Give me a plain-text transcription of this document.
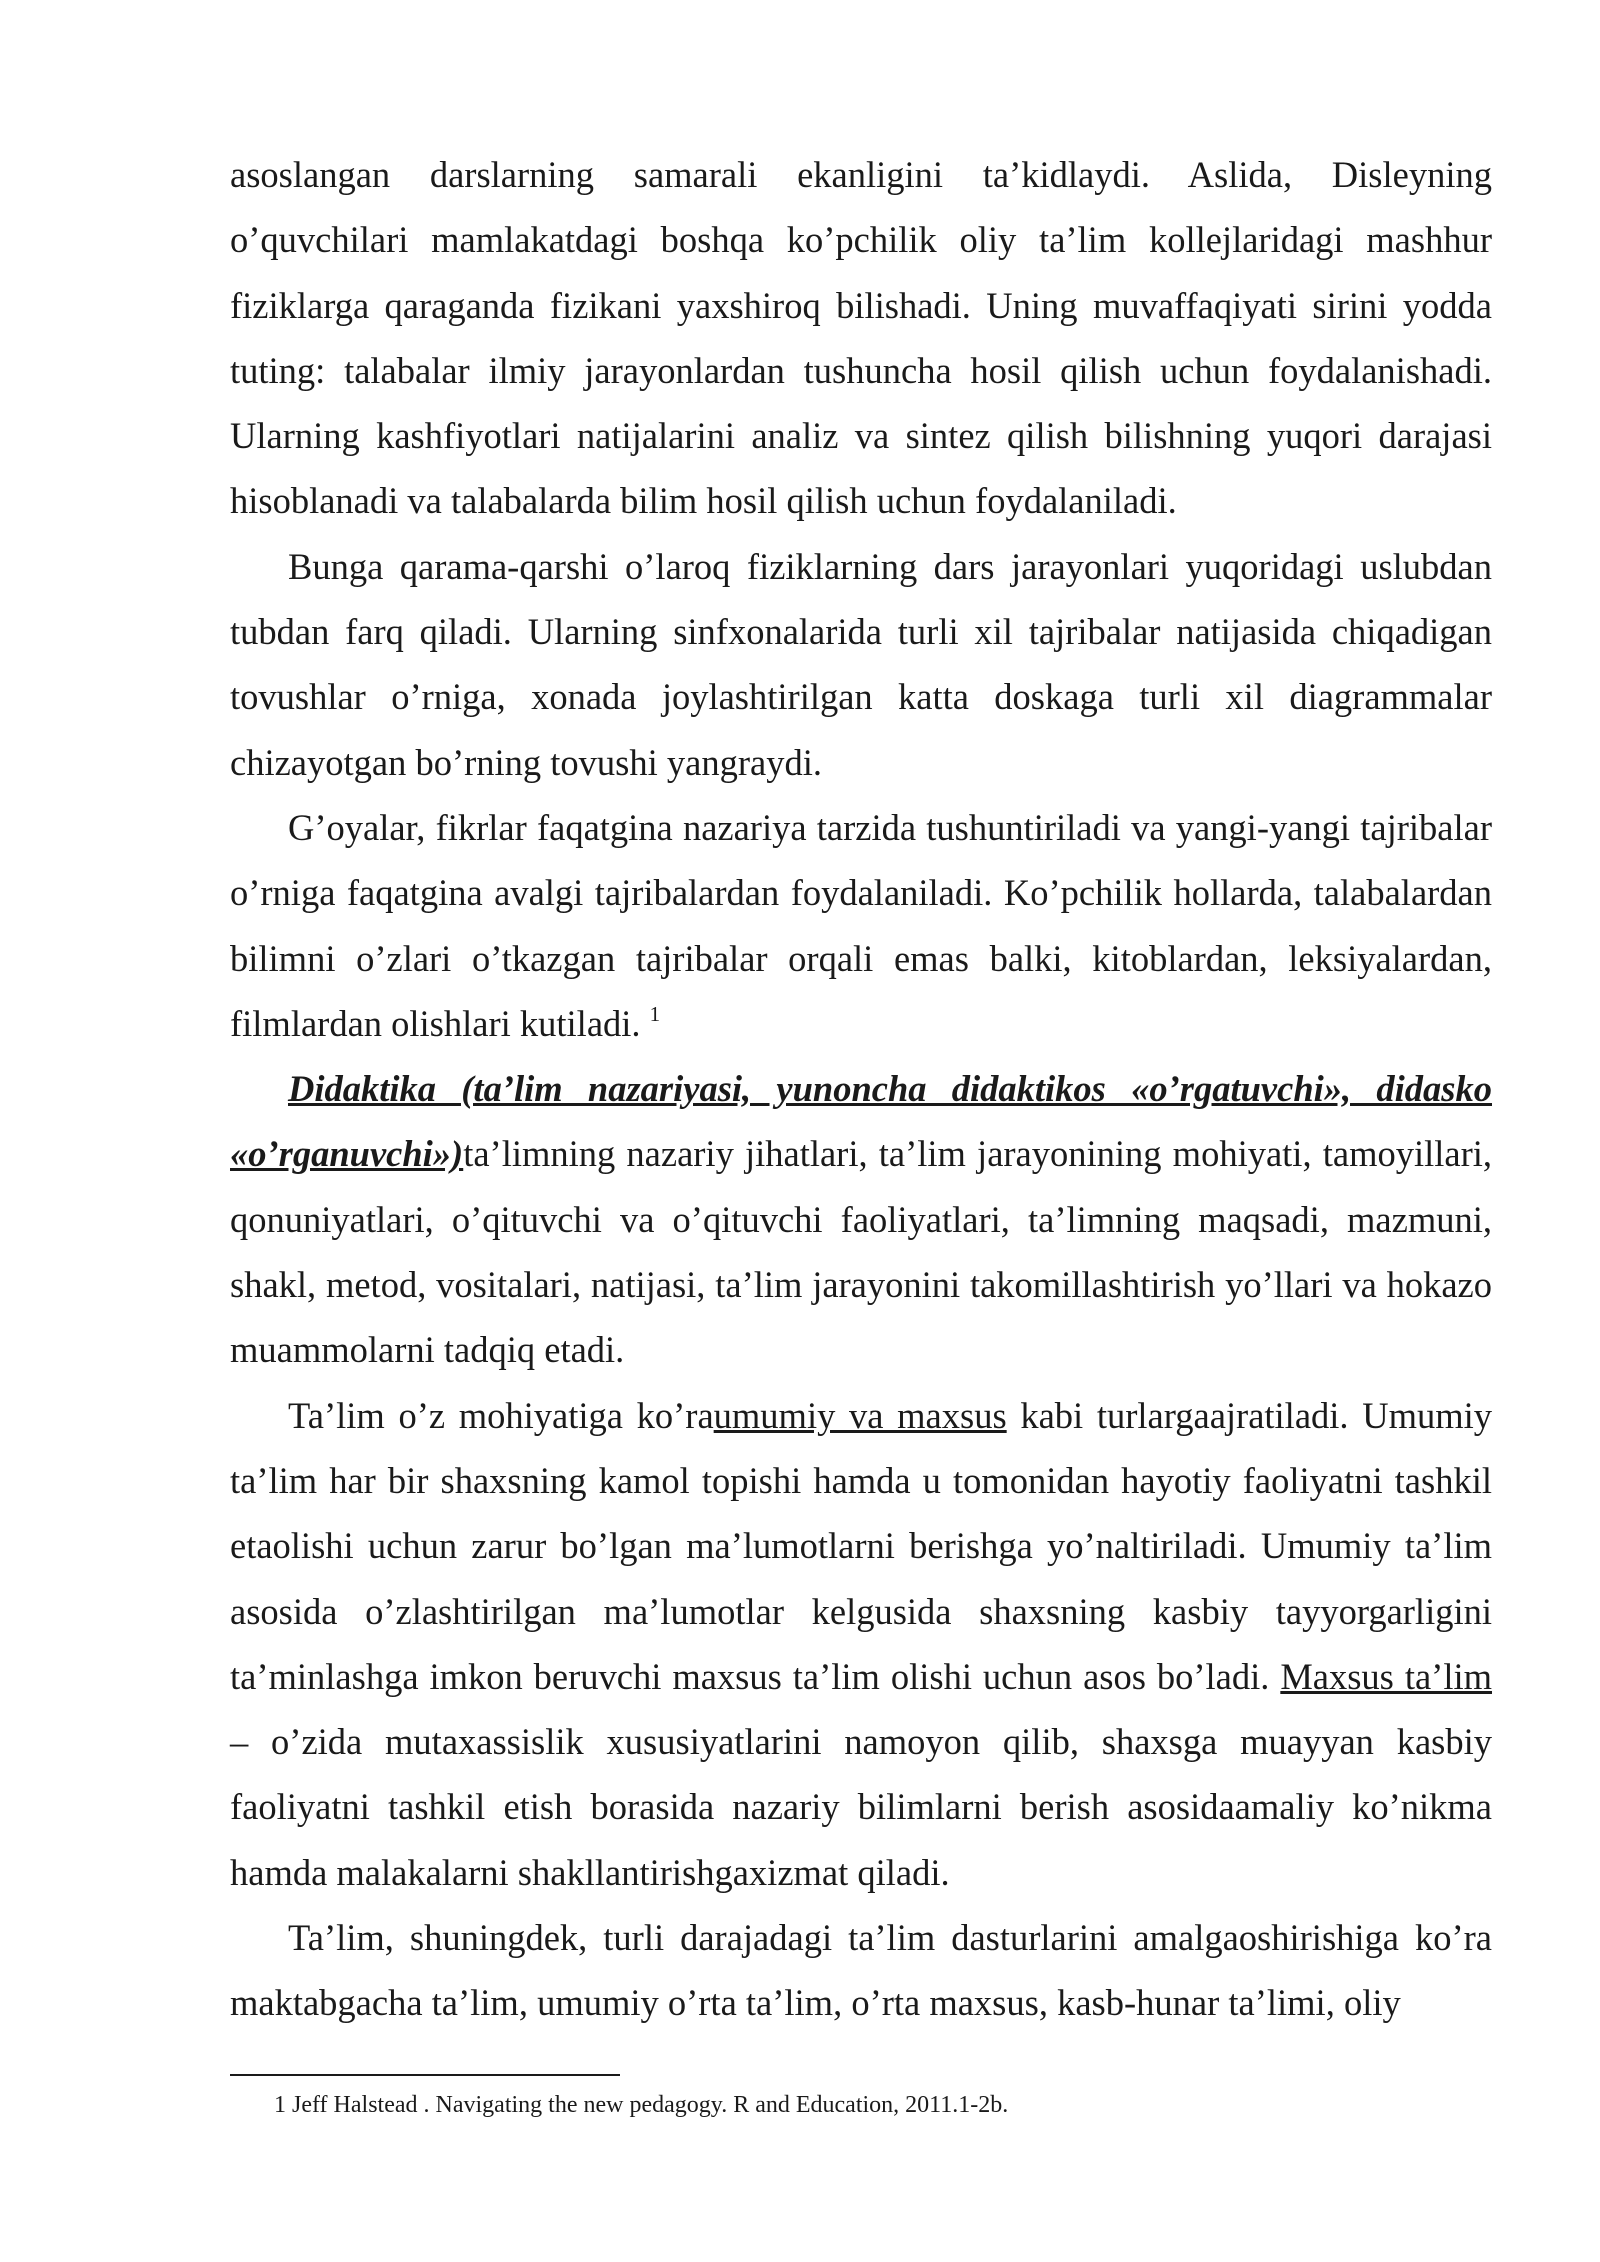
asoslangan darslarning samarali ekanligini ta’kidlaydi. Aslida, Disleyning o’quvchilari mamlakatdagi boshqa ko’pchilik oliy ta’lim kollejlaridagi mashhur fiziklarga qaraganda fizikani yaxshiroq bilishadi. Uning muvaffaqiyati sirini yodda tuting: talabalar ilmiy jarayonlardan tushuncha hosil qilish uchun foydalanishadi. Ularning kashfiyotlari natijalarini analiz va sintez qilish bilishning yuqori darajasi hisoblanadi va talabalarda bilim hosil qilish uchun foydalaniladi.

Bunga qarama-qarshi o’laroq fiziklarning dars jarayonlari yuqoridagi uslubdan tubdan farq qiladi. Ularning sinfxonalarida turli xil tajribalar natijasida chiqadigan tovushlar o’rniga, xonada joylashtirilgan katta doskaga turli xil diagrammalar chizayotgan bo’rning tovushi yangraydi.

G’oyalar, fikrlar faqatgina nazariya tarzida tushuntiriladi va yangi-yangi tajribalar o’rniga faqatgina avalgi tajribalardan foydalaniladi. Ko’pchilik hollarda, talabalardan bilimni o’zlari o’tkazgan tajribalar orqali emas balki, kitoblardan, leksiyalardan, filmlardan olishlari kutiladi. $^1$

Didaktika (ta’lim nazariyasi, yunoncha didaktikos «o’rgatuvchi», didasko «o’rganuvchi»)ta’limning nazariy jihatlari, ta’lim jarayonining mohiyati, tamoyillari, qonuniyatlari, o’qituvchi va o’qituvchi faoliyatlari, ta’limning maqsadi, mazmuni, shakl, metod, vositalari, natijasi, ta’lim jarayonini takomillashtirish yo’llari va hokazo muammolarni tadqiq etadi.

Ta’lim o’z mohiyatiga ko’raumumiy va maxsus kabi turlargaajratiladi. Umumiy ta’lim har bir shaxsning kamol topishi hamda u tomonidan hayotiy faoliyatni tashkil etaolishi uchun zarur bo’lgan ma’lumotlarni berishga yo’naltiriladi. Umumiy ta’lim asosida o’zlashtirilgan ma’lumotlar kelgusida shaxsning kasbiy tayyorgarligini ta’minlashga imkon beruvchi maxsus ta’lim olishi uchun asos bo’ladi. Maxsus ta’lim – o’zida mutaxassislik xususiyatlarini namoyon qilib, shaxsga muayyan kasbiy faoliyatni tashkil etish borasida nazariy bilimlarni berish asosidaamaliy ko’nikma hamda malakalarni shakllantirishgaxizmat qiladi.

Ta’lim, shuningdek, turli darajadagi ta’lim dasturlarini amalgaoshirishiga ko’ra maktabgacha ta’lim, umumiy o’rta ta’lim, o’rta maxsus, kasb-hunar ta’limi, oliy

1 Jeff Halstead . Navigating the new pedagogy. R and Education, 2011.1-2b.
